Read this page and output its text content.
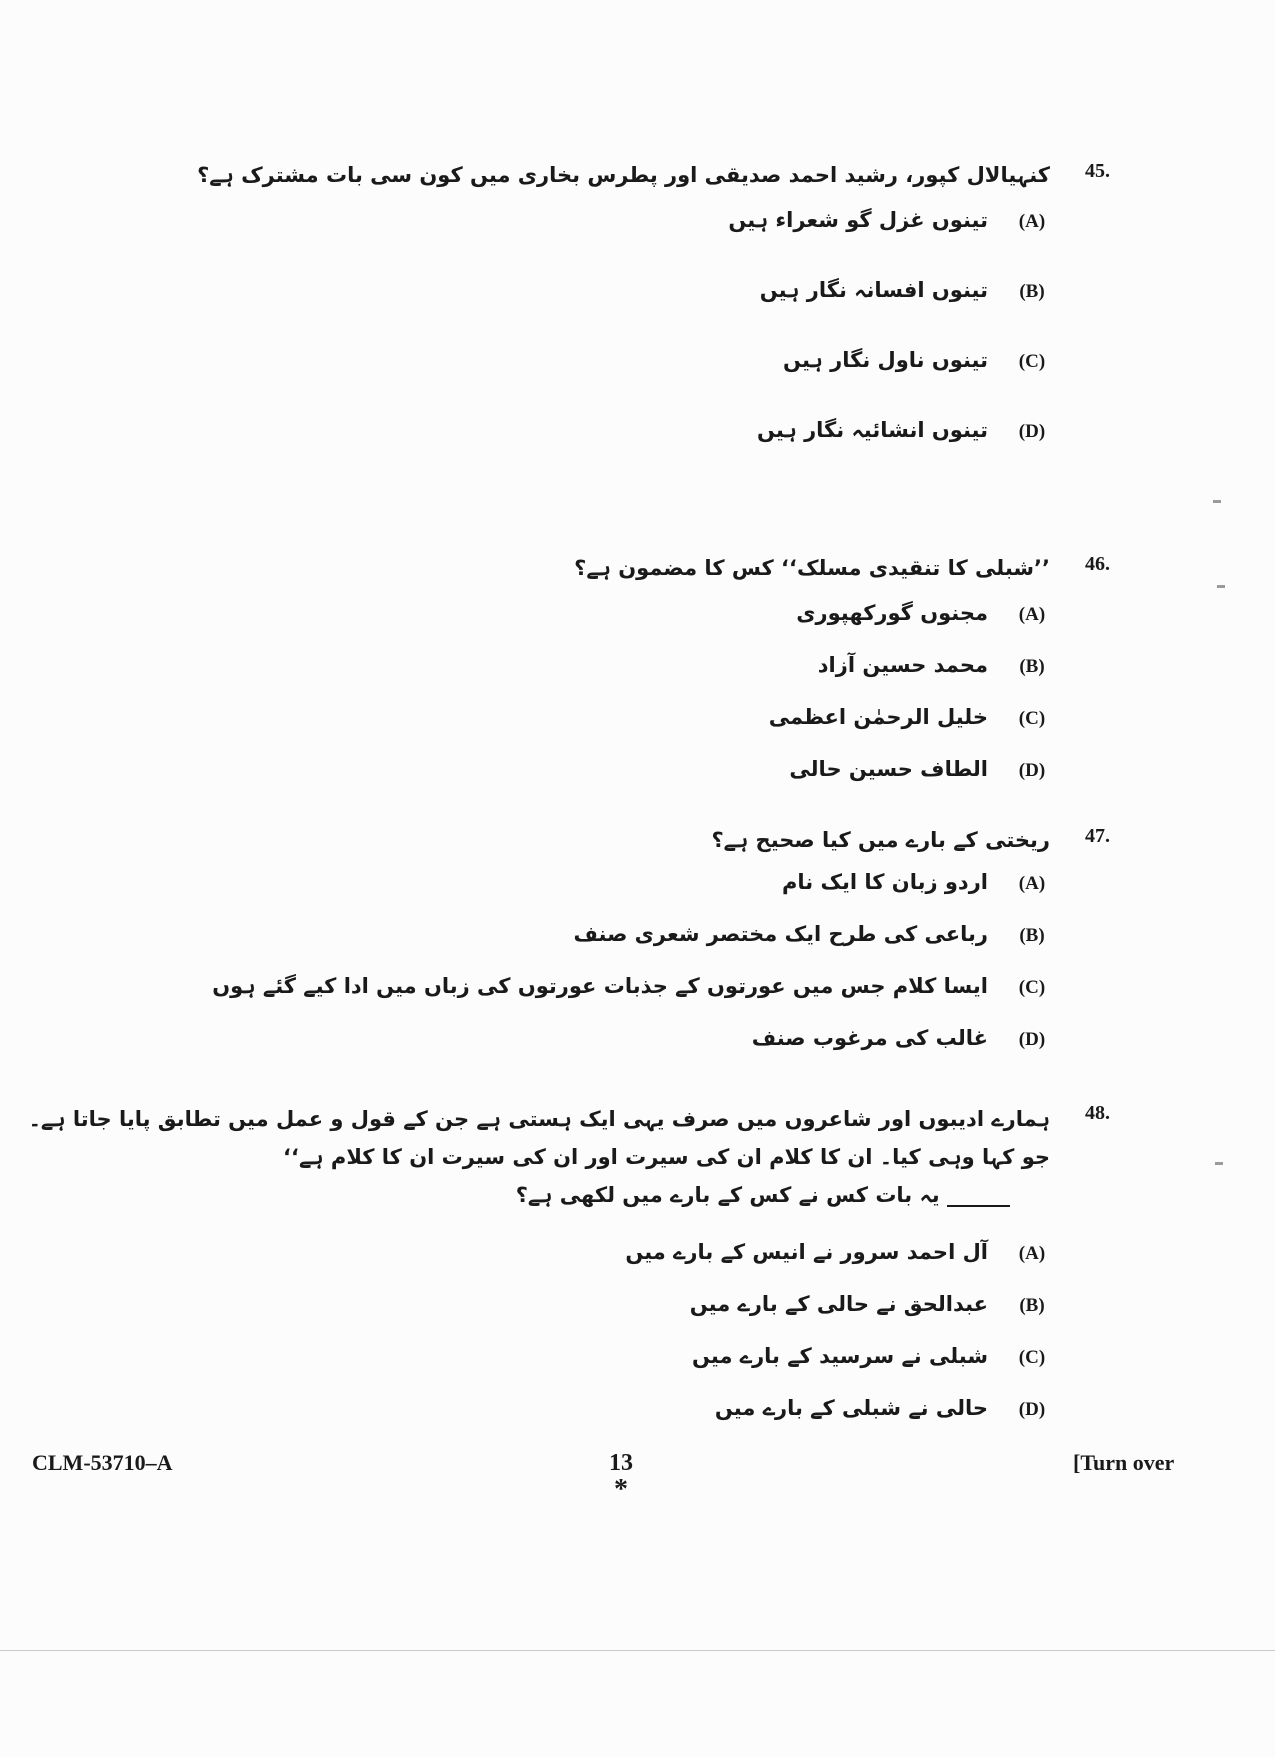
45.
کنہیالال کپور، رشید احمد صدیقی اور پطرس بخاری میں کون سی بات مشترک ہے؟
(A)تینوں غزل گو شعراء ہیں
(B)تینوں افسانہ نگار ہیں
(C)تینوں ناول نگار ہیں
(D)تینوں انشائیہ نگار ہیں
46.
’’شبلی کا تنقیدی مسلک‘‘ کس کا مضمون ہے؟
(A)مجنوں گورکھپوری
(B)محمد حسین آزاد
(C)خلیل الرحمٰن اعظمی
(D)الطاف حسین حالی
47.
ریختی کے بارے میں کیا صحیح ہے؟
(A)اردو زبان کا ایک نام
(B)رباعی کی طرح ایک مختصر شعری صنف
(C)ایسا کلام جس میں عورتوں کے جذبات عورتوں کی زباں میں ادا کیے گئے ہوں
(D)غالب کی مرغوب صنف
48.
ہمارے ادیبوں اور شاعروں میں صرف یہی ایک ہستی ہے جن کے قول و عمل میں تطابق پایا جاتا ہے۔
جو کہا وہی کیا۔ ان کا کلام ان کی سیرت اور ان کی سیرت ان کا کلام ہے‘‘
______ یہ بات کس نے کس کے بارے میں لکھی ہے؟
(A)آل احمد سرور نے انیس کے بارے میں
(B)عبدالحق نے حالی کے بارے میں
(C)شبلی نے سرسید کے بارے میں
(D)حالی نے شبلی کے بارے میں
CLM-53710–A	13
*
[Turn over
